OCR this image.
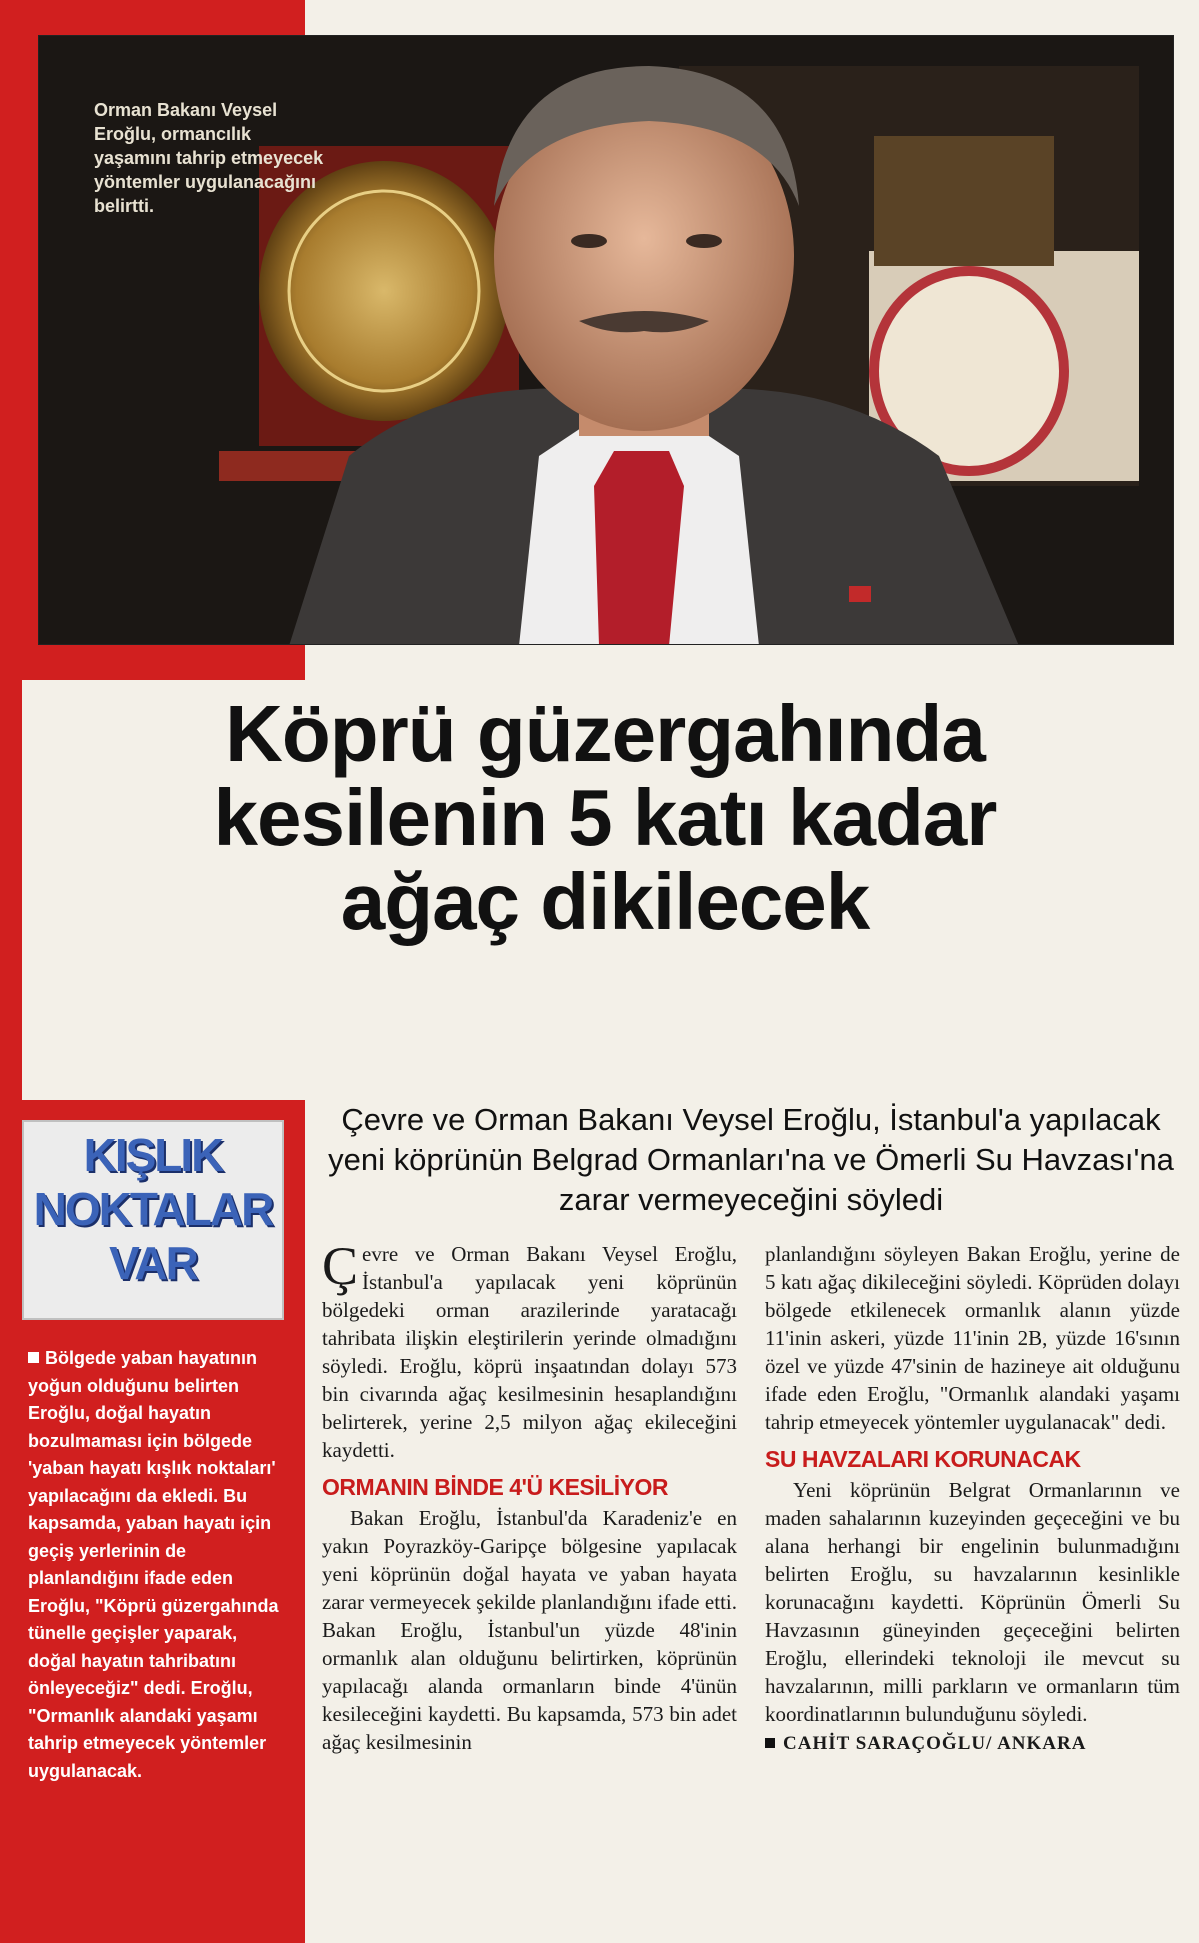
Orman Bakanı Veysel Eroğlu, ormancılık yaşamını tahrip etmeyecek yöntemler uygulanacağını belirtti.
Köprü güzergahında
kesilenin 5 katı kadar
ağaç dikilecek
KIŞLIK
NOKTALAR
VAR
Bölgede yaban hayatının yoğun olduğunu belirten Eroğlu, doğal hayatın bozulmaması için bölgede 'yaban hayatı kışlık noktaları' yapılacağını da ekledi. Bu kapsamda, yaban hayatı için geçiş yerlerinin de planlandığını ifade eden Eroğlu, "Köprü güzergahında tünelle geçişler yaparak, doğal hayatın tahribatını önleyeceğiz" dedi. Eroğlu, "Ormanlık alandaki yaşamı tahrip etmeyecek yöntemler uygulanacak.
Çevre ve Orman Bakanı Veysel Eroğlu, İstanbul'a yapılacak yeni köprünün Belgrad Ormanları'na ve Ömerli Su Havzası'na zarar vermeyeceğini söyledi

Çevre ve Orman Bakanı Veysel Eroğlu, İstanbul'a yapılacak yeni köprünün bölgedeki orman arazilerinde yaratacağı tahribata ilişkin eleştirilerin yerinde olmadığını söyledi. Eroğlu, köprü inşaatından dolayı 573 bin civarında ağaç kesilmesinin hesaplandığını belirterek, yerine 2,5 milyon ağaç ekileceğini kaydetti.

ORMANIN BİNDE 4'Ü KESİLİYOR

Bakan Eroğlu, İstanbul'da Karadeniz'e en yakın Poyrazköy-Garipçe bölgesine yapılacak yeni köprünün doğal hayata ve yaban hayata zarar vermeyecek şekilde planlandığını ifade etti. Bakan Eroğlu, İstanbul'un yüzde 48'inin ormanlık alan olduğunu belirtirken, köprünün yapılacağı alanda ormanların binde 4'ünün kesileceğini kaydetti. Bu kapsamda, 573 bin adet ağaç kesilmesinin

planlandığını söyleyen Bakan Eroğlu, yerine de 5 katı ağaç dikileceğini söyledi. Köprüden dolayı bölgede etkilenecek ormanlık alanın yüzde 11'inin askeri, yüzde 11'inin 2B, yüzde 16'sının özel ve yüzde 47'sinin de hazineye ait olduğunu ifade eden Eroğlu, "Ormanlık alandaki yaşamı tahrip etmeyecek yöntemler uygulanacak" dedi.

SU HAVZALARI KORUNACAK

Yeni köprünün Belgrat Ormanlarının ve maden sahalarının kuzeyinden geçeceğini ve bu alana herhangi bir engelinin bulunmadığını belirten Eroğlu, su havzalarının kesinlikle korunacağını kaydetti. Köprünün Ömerli Su Havzasının güneyinden geçeceğini belirten Eroğlu, ellerindeki teknoloji ile mevcut su havzalarının, milli parkların ve ormanların tüm koordinatlarının bulunduğunu söyledi.

CAHİT SARAÇOĞLU/ ANKARA
